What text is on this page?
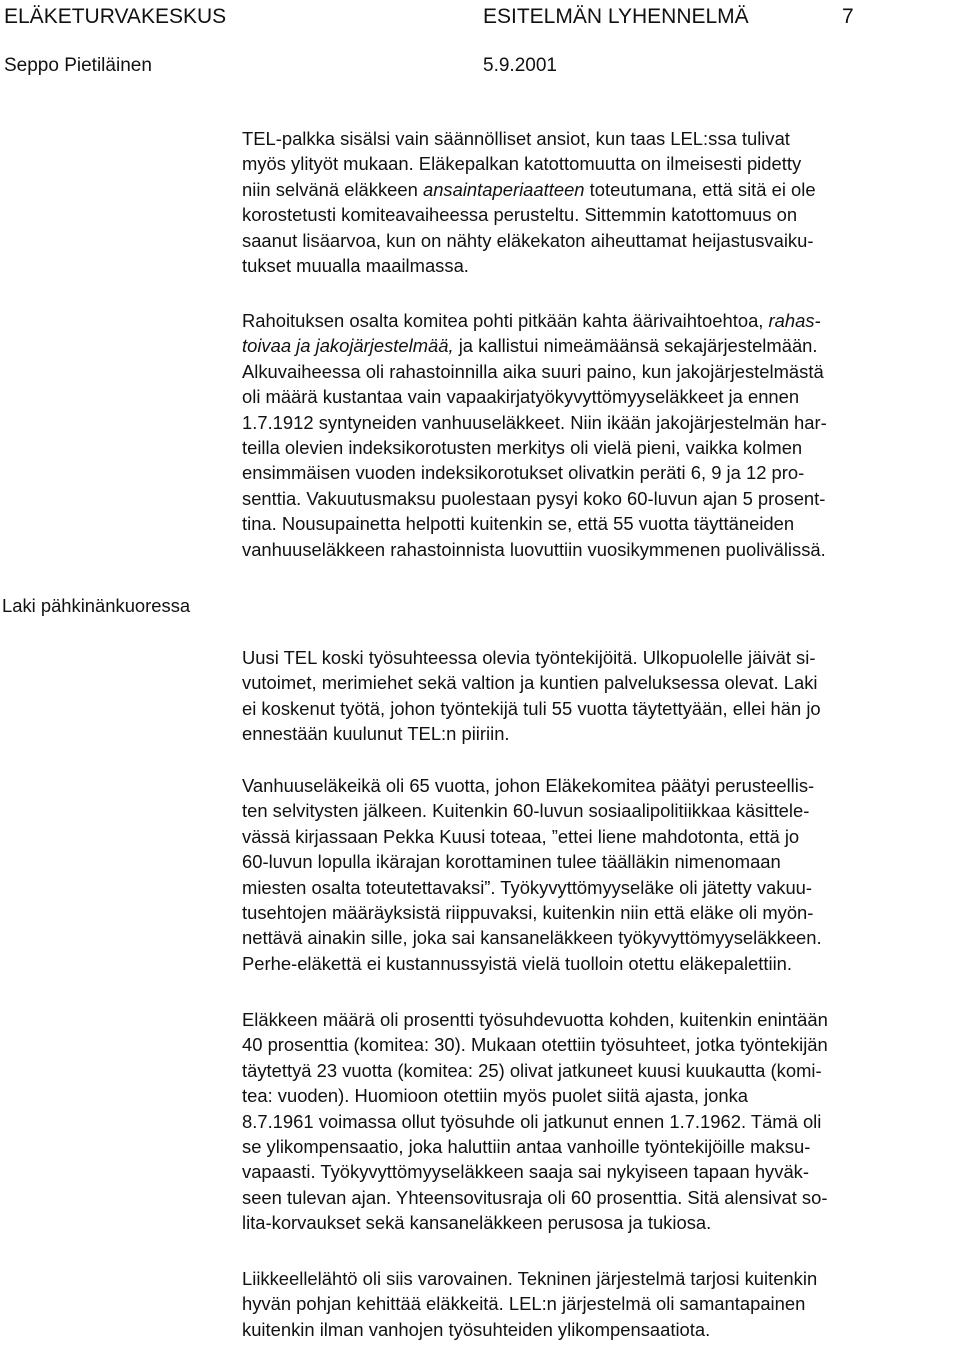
ELÄKETURVAKESKUS	ESITELMÄN LYHENNELMÄ	7
Seppo Pietiläinen	5.9.2001
Laki pähkinänkuoressa

TEL-palkka sisälsi vain säännölliset ansiot, kun taas LEL:ssa tulivat
myös ylityöt mukaan. Eläkepalkan katottomuutta on ilmeisesti pidetty
niin selvänä eläkkeen ansaintaperiaatteen toteutumana, että sitä ei ole
korostetusti komiteavaiheessa perusteltu. Sittemmin katottomuus on
saanut lisäarvoa, kun on nähty eläkekaton aiheuttamat heijastusvaiku-
tukset muualla maailmassa.

Rahoituksen osalta komitea pohti pitkään kahta äärivaihtoehtoa, rahas-
toivaa ja jakojärjestelmää, ja kallistui nimeämäänsä sekajärjestelmään.
Alkuvaiheessa oli rahastoinnilla aika suuri paino, kun jakojärjestelmästä
oli määrä kustantaa vain vapaakirjatyökyvyttömyyseläkkeet ja ennen
1.7.1912 syntyneiden vanhuuseläkkeet. Niin ikään jakojärjestelmän har-
teilla olevien indeksikorotusten merkitys oli vielä pieni, vaikka kolmen
ensimmäisen vuoden indeksikorotukset olivatkin peräti 6, 9 ja 12 pro-
senttia. Vakuutusmaksu puolestaan pysyi koko 60-luvun ajan 5 prosent-
tina. Nousupainetta helpotti kuitenkin se, että 55 vuotta täyttäneiden
vanhuuseläkkeen rahastoinnista luovuttiin vuosikymmenen puolivälissä.

Uusi TEL koski työsuhteessa olevia työntekijöitä. Ulkopuolelle jäivät si-
vutoimet, merimiehet sekä valtion ja kuntien palveluksessa olevat. Laki
ei koskenut työtä, johon työntekijä tuli 55 vuotta täytettyään, ellei hän jo
ennestään kuulunut TEL:n piiriin.

Vanhuuseläkeikä oli 65 vuotta, johon Eläkekomitea päätyi perusteellis-
ten selvitysten jälkeen. Kuitenkin 60-luvun sosiaalipolitiikkaa käsittele-
vässä kirjassaan Pekka Kuusi toteaa, ”ettei liene mahdotonta, että jo
60-luvun lopulla ikärajan korottaminen tulee täälläkin nimenomaan
miesten osalta toteutettavaksi”. Työkyvyttömyyseläke oli jätetty vakuu-
tusehtojen määräyksistä riippuvaksi, kuitenkin niin että eläke oli myön-
nettävä ainakin sille, joka sai kansaneläkkeen työkyvyttömyyseläkkeen.
Perhe-eläkettä ei kustannussyistä vielä tuolloin otettu eläkepalettiin.

Eläkkeen määrä oli prosentti työsuhdevuotta kohden, kuitenkin enintään
40 prosenttia (komitea: 30). Mukaan otettiin työsuhteet, jotka työntekijän
täytettyä 23 vuotta (komitea: 25) olivat jatkuneet kuusi kuukautta (komi-
tea: vuoden). Huomioon otettiin myös puolet siitä ajasta, jonka
8.7.1961 voimassa ollut työsuhde oli jatkunut ennen 1.7.1962. Tämä oli
se ylikompensaatio, joka haluttiin antaa vanhoille työntekijöille maksu-
vapaasti. Työkyvyttömyyseläkkeen saaja sai nykyiseen tapaan hyväk-
seen tulevan ajan. Yhteensovitusraja oli 60 prosenttia. Sitä alensivat so-
lita-korvaukset sekä kansaneläkkeen perusosa ja tukiosa.

Liikkeellelähtö oli siis varovainen. Tekninen järjestelmä tarjosi kuitenkin
hyvän pohjan kehittää eläkkeitä. LEL:n järjestelmä oli samantapainen
kuitenkin ilman vanhojen työsuhteiden ylikompensaatiota.
